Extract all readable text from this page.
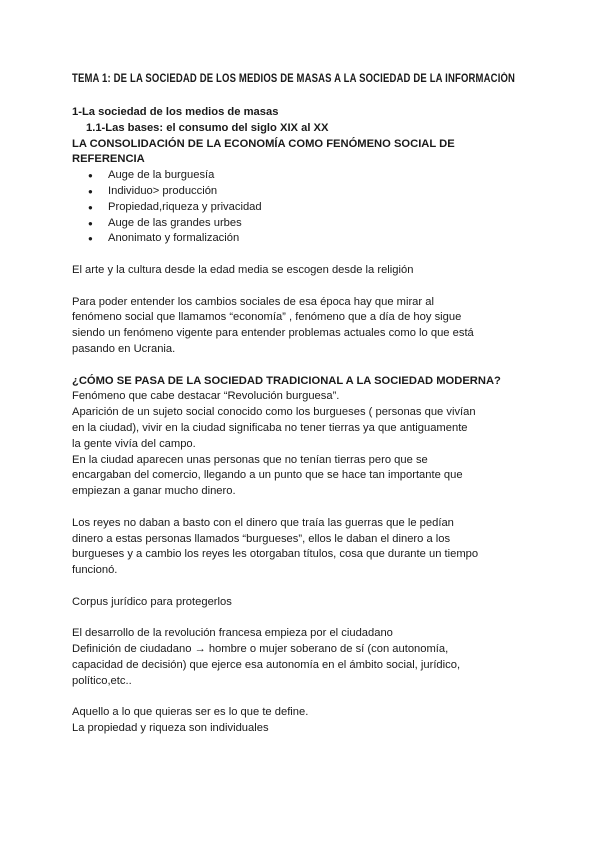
TEMA 1: DE LA SOCIEDAD DE LOS MEDIOS DE MASAS A LA SOCIEDAD DE LA INFORMACIÓN
1-La sociedad de los medios de masas
1.1-Las bases: el consumo del siglo XIX al XX
LA CONSOLIDACIÓN DE LA ECONOMÍA COMO FENÓMENO SOCIAL DE
REFERENCIA
● Auge de la burguesía
● Individuo> producción
● Propiedad,riqueza y privacidad
● Auge de las grandes urbes
● Anonimato y formalización

El arte y la cultura desde la edad media se escogen desde la religión

Para poder entender los cambios sociales de esa época hay que mirar al

fenómeno social que llamamos “economía” , fenómeno que a día de hoy sigue

siendo un fenómeno vigente para entender problemas actuales como lo que está

pasando en Ucrania.

¿CÓMO SE PASA DE LA SOCIEDAD TRADICIONAL A LA SOCIEDAD MODERNA?

Fenómeno que cabe destacar “Revolución burguesa”.

Aparición de un sujeto social conocido como los burgueses ( personas que vivían

en la ciudad), vivir en la ciudad significaba no tener tierras ya que antiguamente

la gente vivía del campo.

En la ciudad aparecen unas personas que no tenían tierras pero que se

encargaban del comercio, llegando a un punto que se hace tan importante que

empiezan a ganar mucho dinero.

Los reyes no daban a basto con el dinero que traía las guerras que le pedían

dinero a estas personas llamados “burgueses”, ellos le daban el dinero a los

burgueses y a cambio los reyes les otorgaban títulos, cosa que durante un tiempo

funcionó.

Corpus jurídico para protegerlos

El desarrollo de la revolución francesa empieza por el ciudadano

Definición de ciudadano → hombre o mujer soberano de sí (con autonomía,

capacidad de decisión) que ejerce esa autonomía en el ámbito social, jurídico,

político,etc..

Aquello a lo que quieras ser es lo que te define.

La propiedad y riqueza son individuales
